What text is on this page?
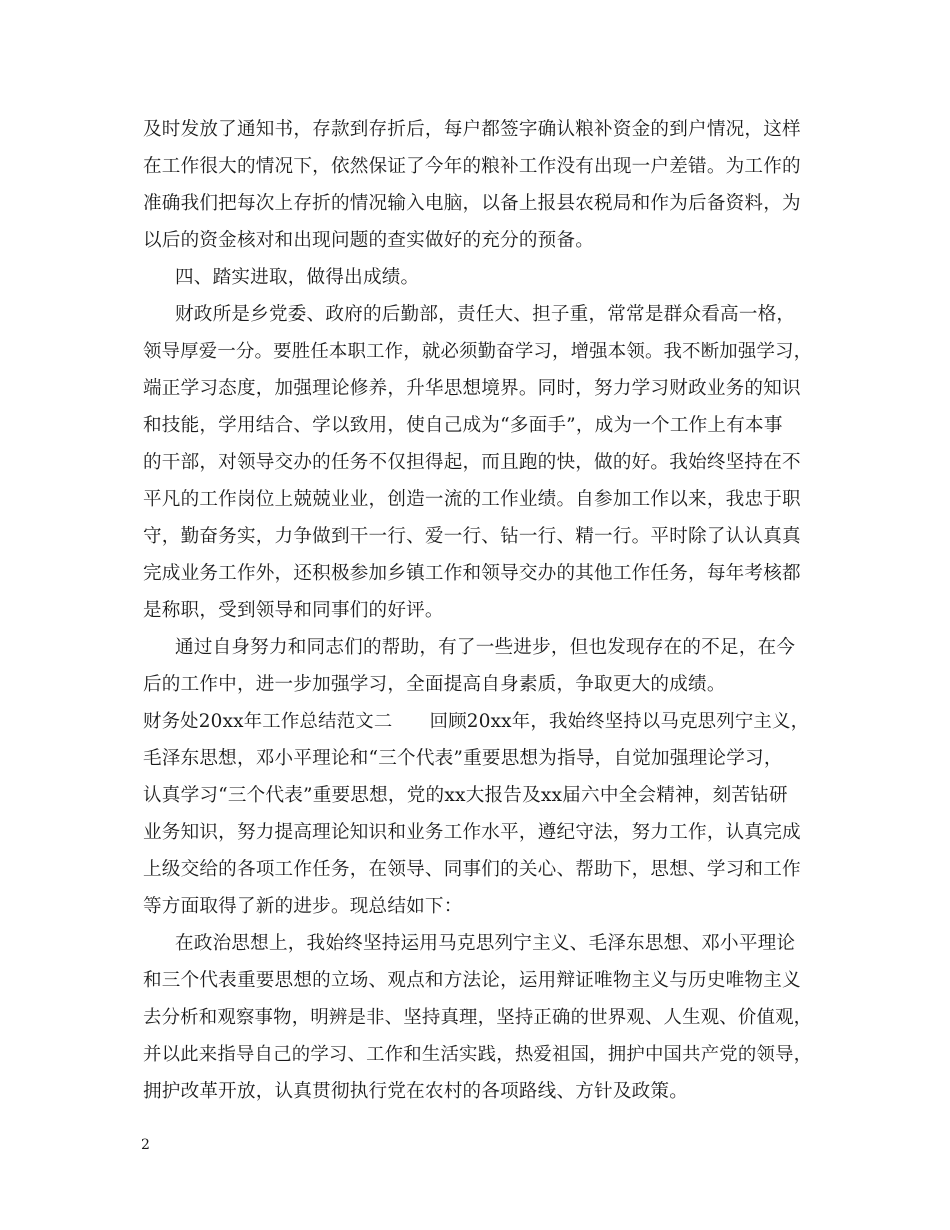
及时发放了通知书，存款到存折后，每户都签字确认粮补资金的到户情况，这样
在工作很大的情况下，依然保证了今年的粮补工作没有出现一户差错。为工作的
准确我们把每次上存折的情况输入电脑，以备上报县农税局和作为后备资料，为
以后的资金核对和出现问题的查实做好的充分的预备。
四、踏实进取，做得出成绩。
财政所是乡党委、政府的后勤部，责任大、担子重，常常是群众看高一格，
领导厚爱一分。要胜任本职工作，就必须勤奋学习，增强本领。我不断加强学习，
端正学习态度，加强理论修养，升华思想境界。同时，努力学习财政业务的知识
和技能，学用结合、学以致用，使自己成为“多面手”，成为一个工作上有本事
的干部，对领导交办的任务不仅担得起，而且跑的快，做的好。我始终坚持在不
平凡的工作岗位上兢兢业业，创造一流的工作业绩。自参加工作以来，我忠于职
守，勤奋务实，力争做到干一行、爱一行、钻一行、精一行。平时除了认认真真
完成业务工作外，还积极参加乡镇工作和领导交办的其他工作任务，每年考核都
是称职，受到领导和同事们的好评。
通过自身努力和同志们的帮助，有了一些进步，但也发现存在的不足，在今
后的工作中，进一步加强学习，全面提高自身素质，争取更大的成绩。
财务处20xx年工作总结范文二　　回顾20xx年，我始终坚持以马克思列宁主义，
毛泽东思想，邓小平理论和“三个代表”重要思想为指导，自觉加强理论学习，
认真学习“三个代表”重要思想，党的xx大报告及xx届六中全会精神，刻苦钻研
业务知识，努力提高理论知识和业务工作水平，遵纪守法，努力工作，认真完成
上级交给的各项工作任务，在领导、同事们的关心、帮助下，思想、学习和工作
等方面取得了新的进步。现总结如下：
在政治思想上，我始终坚持运用马克思列宁主义、毛泽东思想、邓小平理论
和三个代表重要思想的立场、观点和方法论，运用辩证唯物主义与历史唯物主义
去分析和观察事物，明辨是非、坚持真理，坚持正确的世界观、人生观、价值观，
并以此来指导自己的学习、工作和生活实践，热爱祖国，拥护中国共产党的领导，
拥护改革开放，认真贯彻执行党在农村的各项路线、方针及政策。
2
